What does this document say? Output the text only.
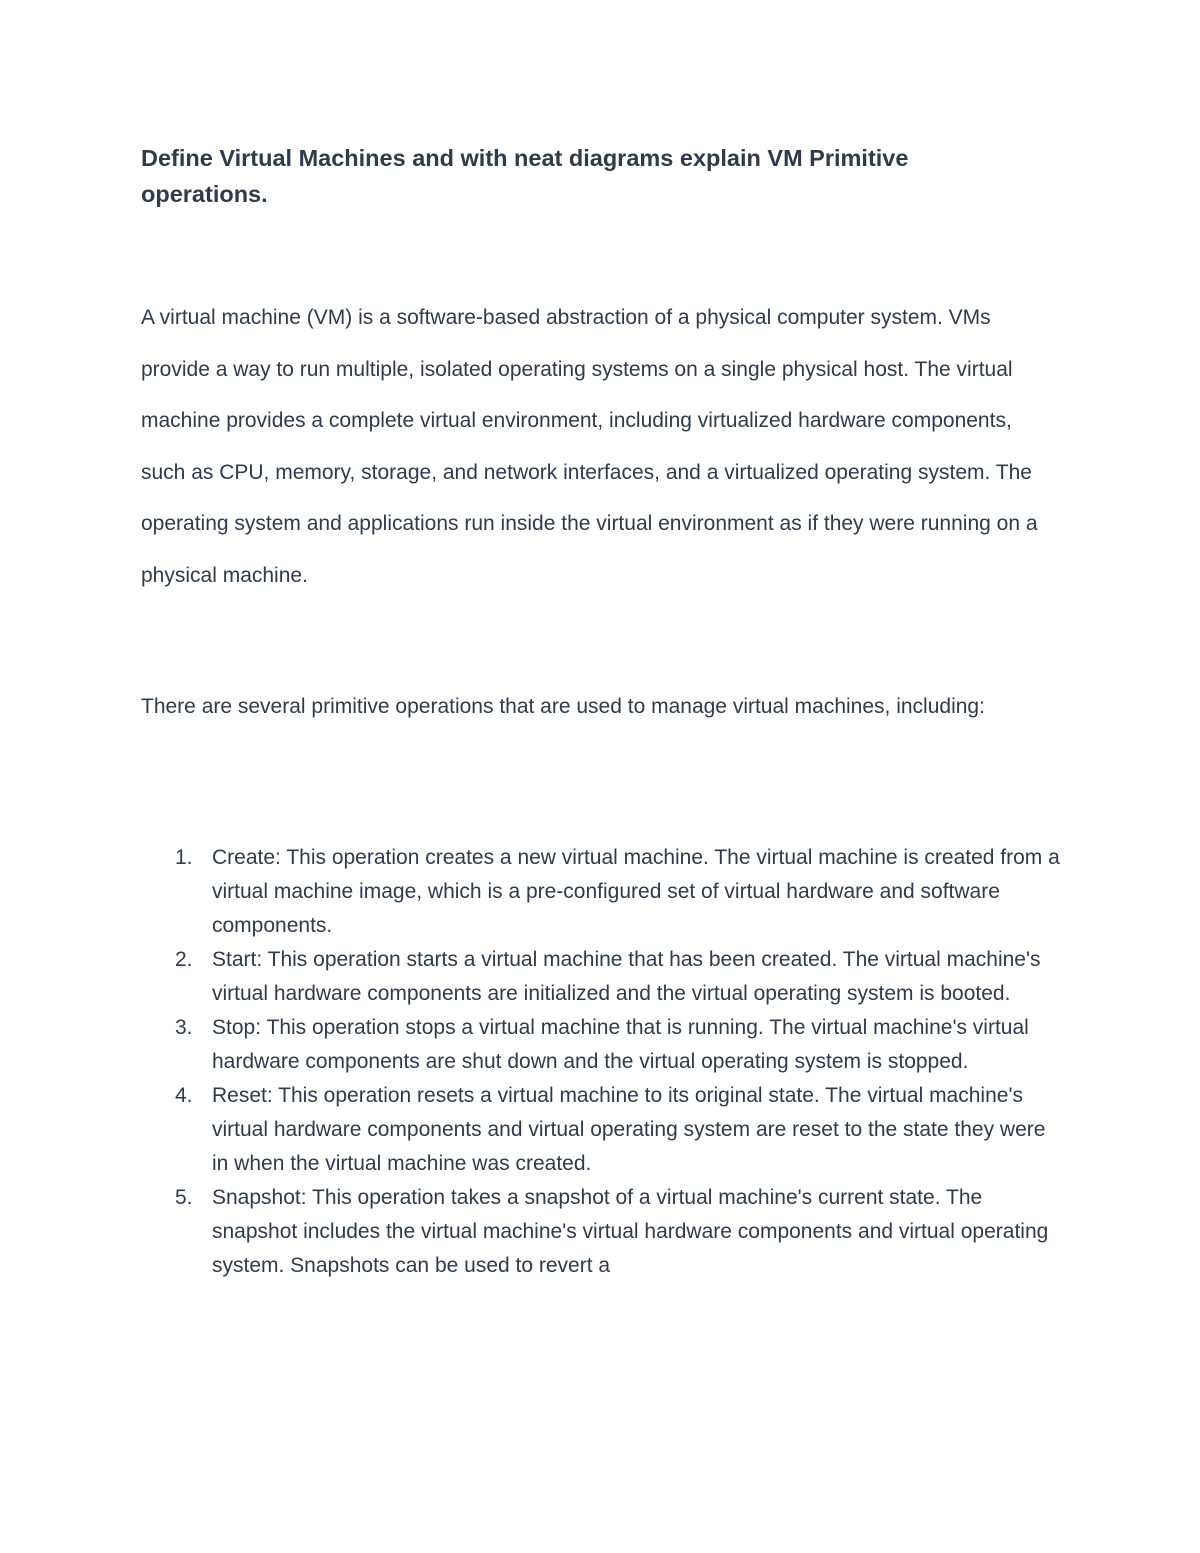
Define Virtual Machines and with neat diagrams explain VM Primitive operations.

A virtual machine (VM) is a software-based abstraction of a physical computer system. VMs provide a way to run multiple, isolated operating systems on a single physical host. The virtual machine provides a complete virtual environment, including virtualized hardware components, such as CPU, memory, storage, and network interfaces, and a virtualized operating system. The operating system and applications run inside the virtual environment as if they were running on a physical machine.

There are several primitive operations that are used to manage virtual machines, including:

1. Create: This operation creates a new virtual machine. The virtual machine is created from a virtual machine image, which is a pre-configured set of virtual hardware and software components.
2. Start: This operation starts a virtual machine that has been created. The virtual machine's virtual hardware components are initialized and the virtual operating system is booted.
3. Stop: This operation stops a virtual machine that is running. The virtual machine's virtual hardware components are shut down and the virtual operating system is stopped.
4. Reset: This operation resets a virtual machine to its original state. The virtual machine's virtual hardware components and virtual operating system are reset to the state they were in when the virtual machine was created.
5. Snapshot: This operation takes a snapshot of a virtual machine's current state. The snapshot includes the virtual machine's virtual hardware components and virtual operating system. Snapshots can be used to revert a
